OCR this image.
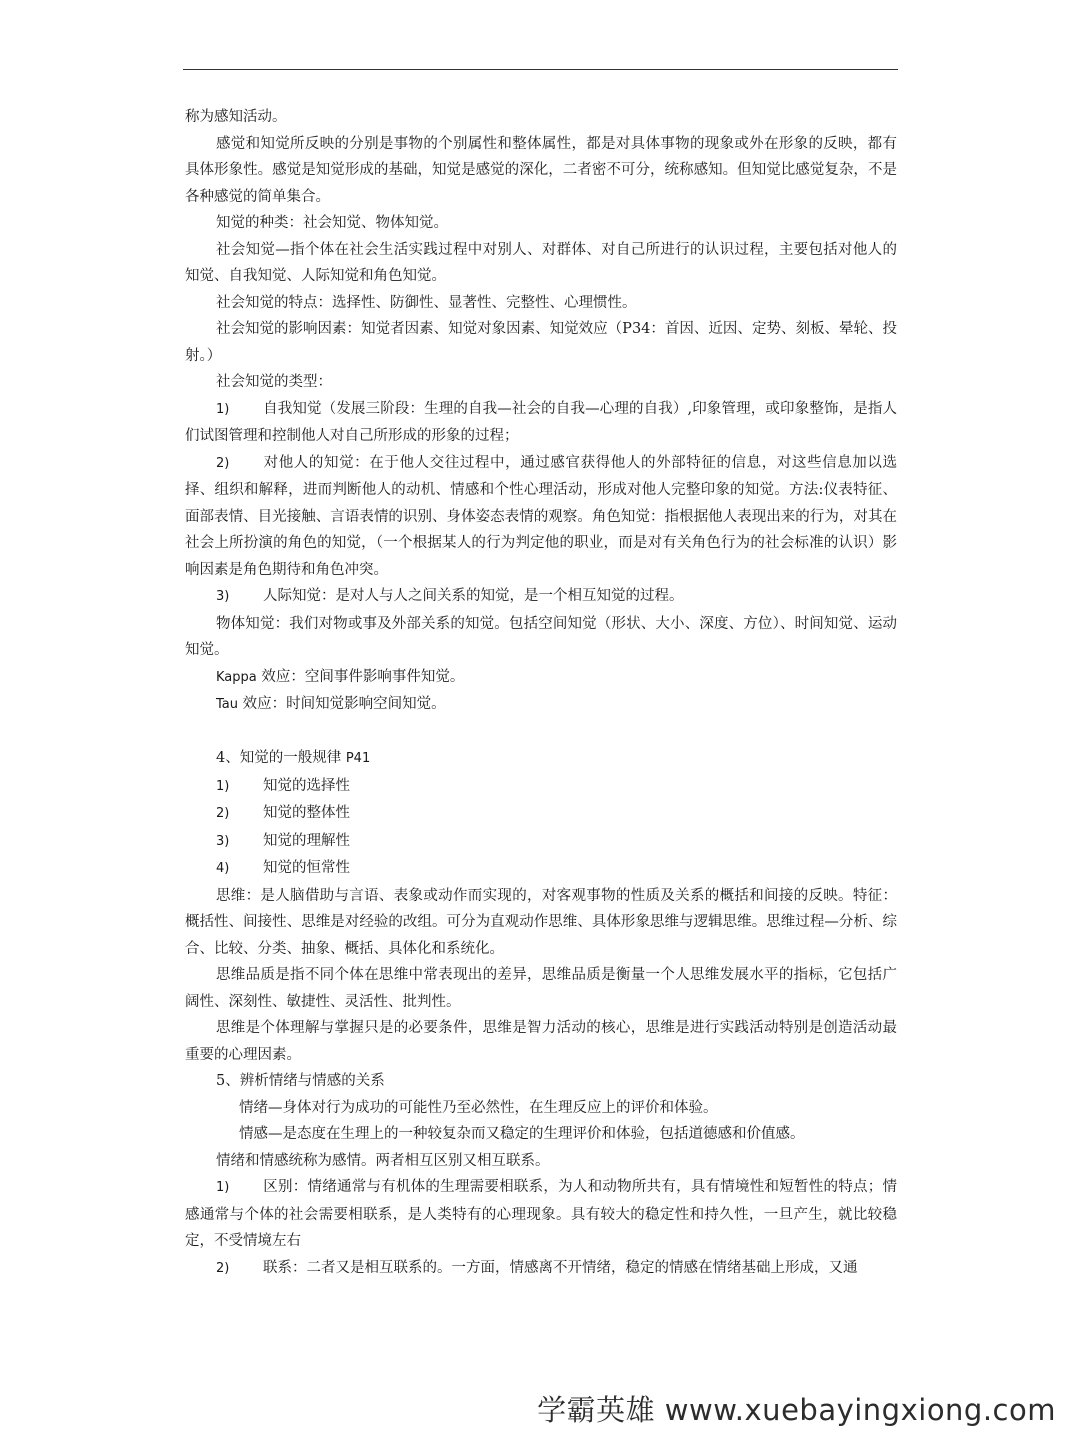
称为感知活动。

感觉和知觉所反映的分别是事物的个别属性和整体属性，都是对具体事物的现象或外在形象的反映，都有具体形象性。感觉是知觉形成的基础，知觉是感觉的深化，二者密不可分，统称感知。但知觉比感觉复杂，不是各种感觉的简单集合。

知觉的种类：社会知觉、物体知觉。

社会知觉—指个体在社会生活实践过程中对别人、对群体、对自己所进行的认识过程，主要包括对他人的知觉、自我知觉、人际知觉和角色知觉。

社会知觉的特点：选择性、防御性、显著性、完整性、心理惯性。

社会知觉的影响因素：知觉者因素、知觉对象因素、知觉效应（P34：首因、近因、定势、刻板、晕轮、投射。）

社会知觉的类型：

1) 自我知觉（发展三阶段：生理的自我—社会的自我—心理的自我）,印象管理，或印象整饰，是指人们试图管理和控制他人对自己所形成的形象的过程；

2) 对他人的知觉：在于他人交往过程中，通过感官获得他人的外部特征的信息，对这些信息加以选择、组织和解释，进而判断他人的动机、情感和个性心理活动，形成对他人完整印象的知觉。方法:仪表特征、面部表情、目光接触、言语表情的识别、身体姿态表情的观察。角色知觉：指根据他人表现出来的行为，对其在社会上所扮演的角色的知觉，（一个根据某人的行为判定他的职业，而是对有关角色行为的社会标准的认识）影响因素是角色期待和角色冲突。

3) 人际知觉：是对人与人之间关系的知觉，是一个相互知觉的过程。

物体知觉：我们对物或事及外部关系的知觉。包括空间知觉（形状、大小、深度、方位）、时间知觉、运动知觉。

Kappa 效应：空间事件影响事件知觉。

Tau 效应：时间知觉影响空间知觉。

4、知觉的一般规律 P41

1) 知觉的选择性

2) 知觉的整体性

3) 知觉的理解性

4) 知觉的恒常性

思维：是人脑借助与言语、表象或动作而实现的，对客观事物的性质及关系的概括和间接的反映。特征：概括性、间接性、思维是对经验的改组。可分为直观动作思维、具体形象思维与逻辑思维。思维过程—分析、综合、比较、分类、抽象、概括、具体化和系统化。

思维品质是指不同个体在思维中常表现出的差异，思维品质是衡量一个人思维发展水平的指标，它包括广阔性、深刻性、敏捷性、灵活性、批判性。

思维是个体理解与掌握只是的必要条件，思维是智力活动的核心，思维是进行实践活动特别是创造活动最重要的心理因素。

5、辨析情绪与情感的关系

情绪—身体对行为成功的可能性乃至必然性，在生理反应上的评价和体验。

情感—是态度在生理上的一种较复杂而又稳定的生理评价和体验，包括道德感和价值感。

情绪和情感统称为感情。两者相互区别又相互联系。

1) 区别：情绪通常与有机体的生理需要相联系，为人和动物所共有，具有情境性和短暂性的特点；情感通常与个体的社会需要相联系，是人类特有的心理现象。具有较大的稳定性和持久性，一旦产生，就比较稳定，不受情境左右

2) 联系：二者又是相互联系的。一方面，情感离不开情绪，稳定的情感在情绪基础上形成，又通

学霸英雄 www.xuebayingxiong.com
